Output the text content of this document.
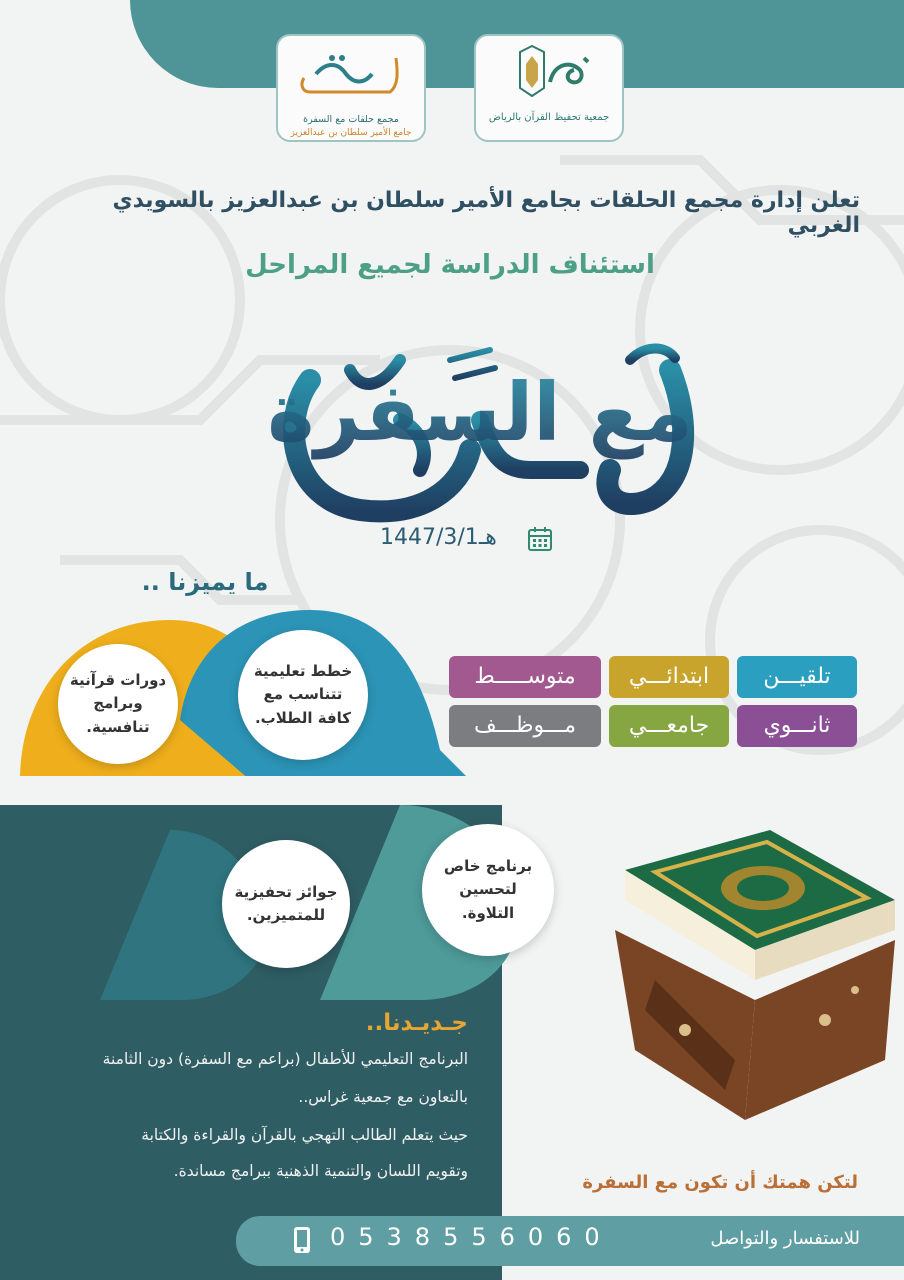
مجمع حلقات مع السفرة
جامع الأمير سلطان بن عبدالعزيز
جمعية تحفيظ القرآن بالرياض
تعلن إدارة مجمع الحلقات بجامع الأمير سلطان بن عبدالعزيز بالسويدي الغربي
استئناف الدراسة لجميع المراحل
مع السفرة
1447/3/1هـ
ما يميزنا ..
تلقيـــن
ابتدائـــي
متوســـــط
ثانـــوي
جامعـــي
مـــوظـــف
خطط تعليمية
تتناسب مع
كافة الطلاب.
دورات قرآنية
وبرامج
تنافسية.
برنامج خاص
لتحسين
التلاوة.
جوائز تحفيزية
للمتميزين.
جـديـدنا..
البرنامج التعليمي للأطفال (براعم مع السفرة) دون الثامنة
بالتعاون مع جمعية غراس..
حيث يتعلم الطالب التهجي بالقرآن والقراءة والكتابة
وتقويم اللسان والتنمية الذهنية ببرامج مساندة.
لتكن همتك أن تكون مع السفرة
للاستفسار والتواصل
0538556060
